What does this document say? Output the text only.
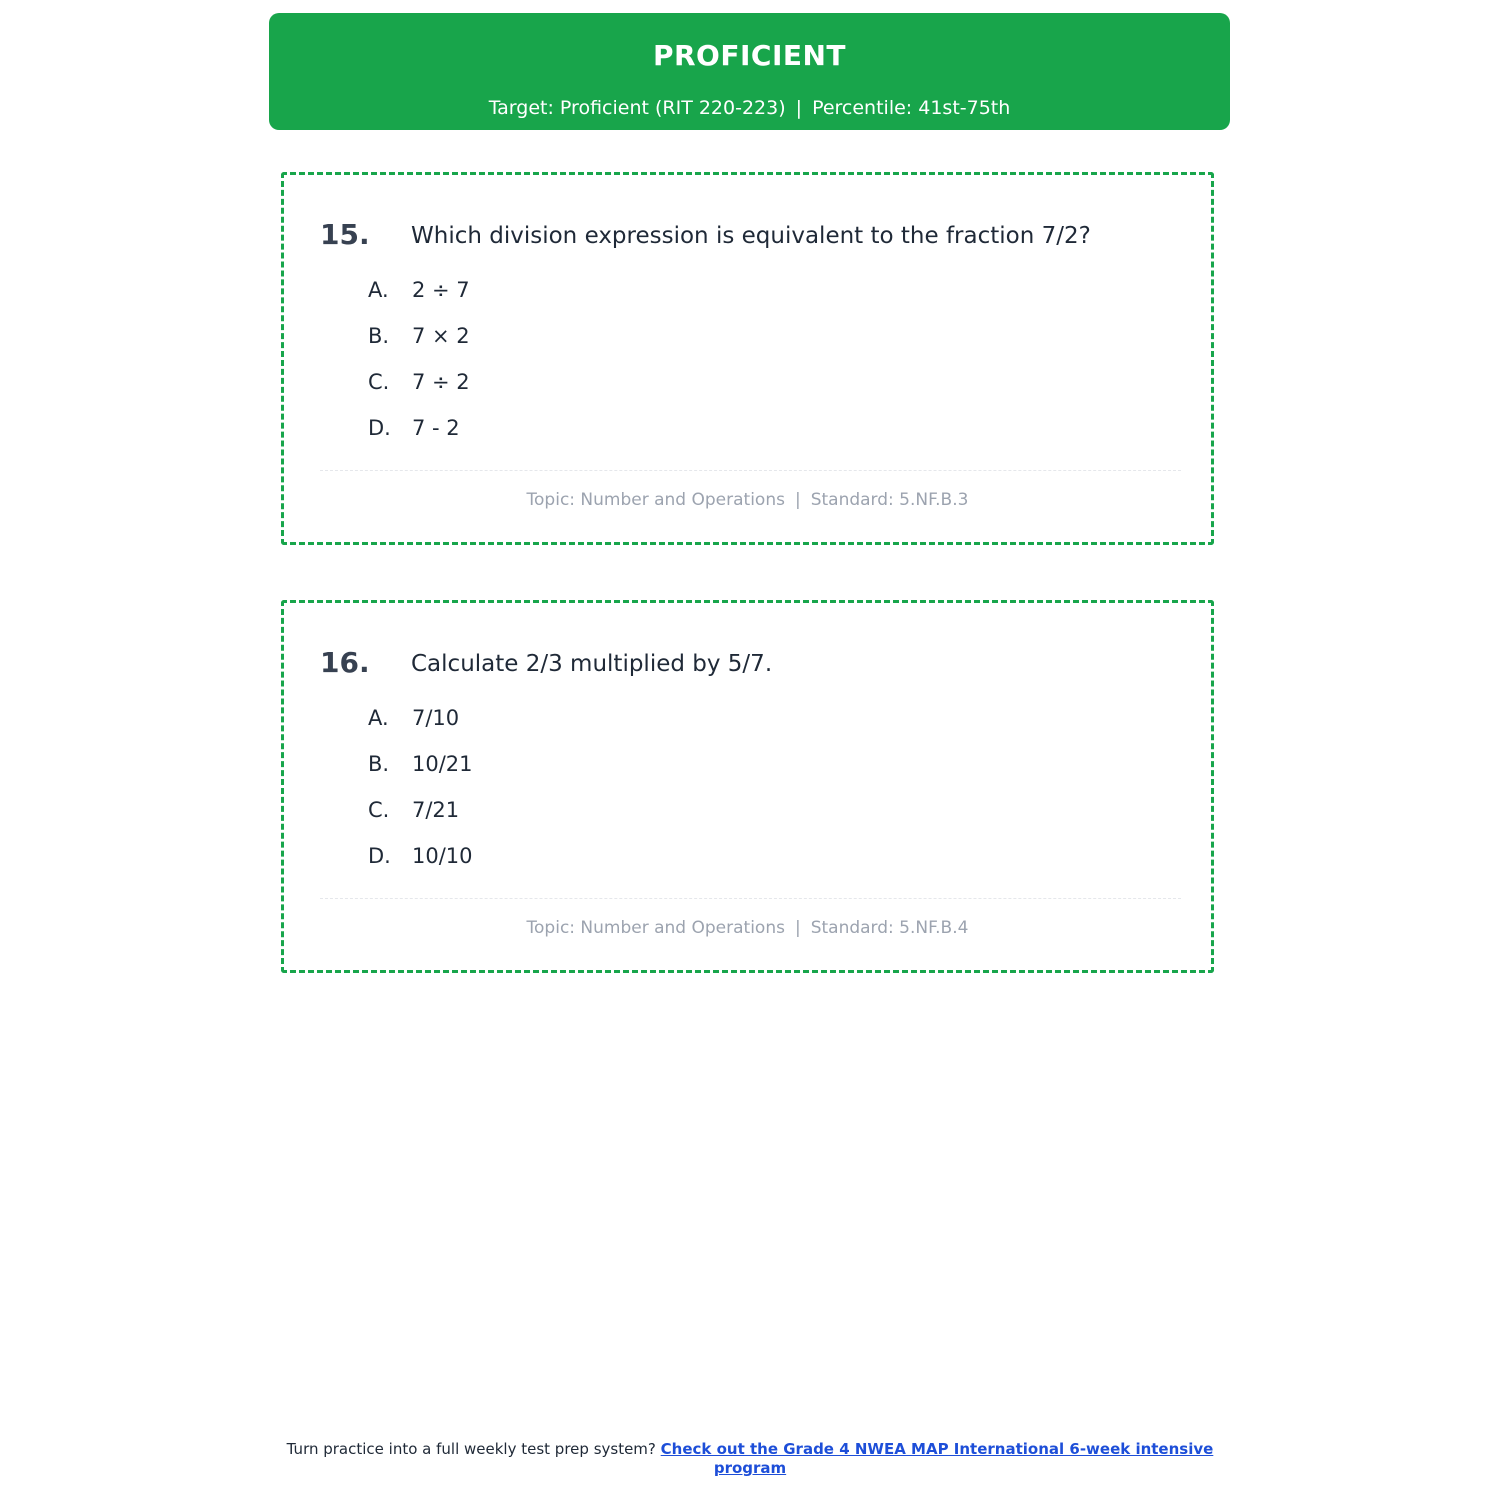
PROFICIENT
Target: Proficient (RIT 220-223) | Percentile: 41st-75th
15. Which division expression is equivalent to the fraction 7/2?
A.	2 ÷ 7
B.	7 × 2
C.	7 ÷ 2
D.	7 - 2
Topic: Number and Operations | Standard: 5.NF.B.3
16. Calculate 2/3 multiplied by 5/7.
A.	7/10
B.	10/21
C.	7/21
D.	10/10
Topic: Number and Operations | Standard: 5.NF.B.4
Turn practice into a full weekly test prep system? Check out the Grade 4 NWEA MAP International 6-week intensive program
